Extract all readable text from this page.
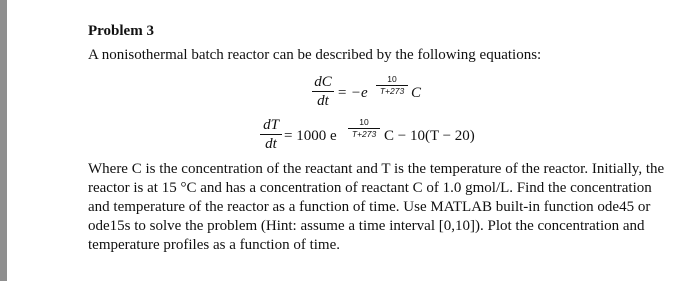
Problem 3
A nonisothermal batch reactor can be described by the following equations:
dC
dt = −e
10
T+273 C
dT
dt = 1000 e
10
T+273 C − 10(T − 20)
Where C is the concentration of the reactant and T is the temperature of the reactor. Initially, the
reactor is at 15 °C and has a concentration of reactant C of 1.0 gmol/L. Find the concentration
and temperature of the reactor as a function of time. Use MATLAB built-in function ode45 or
ode15s to solve the problem (Hint: assume a time interval [0,10]). Plot the concentration and
temperature profiles as a function of time.
